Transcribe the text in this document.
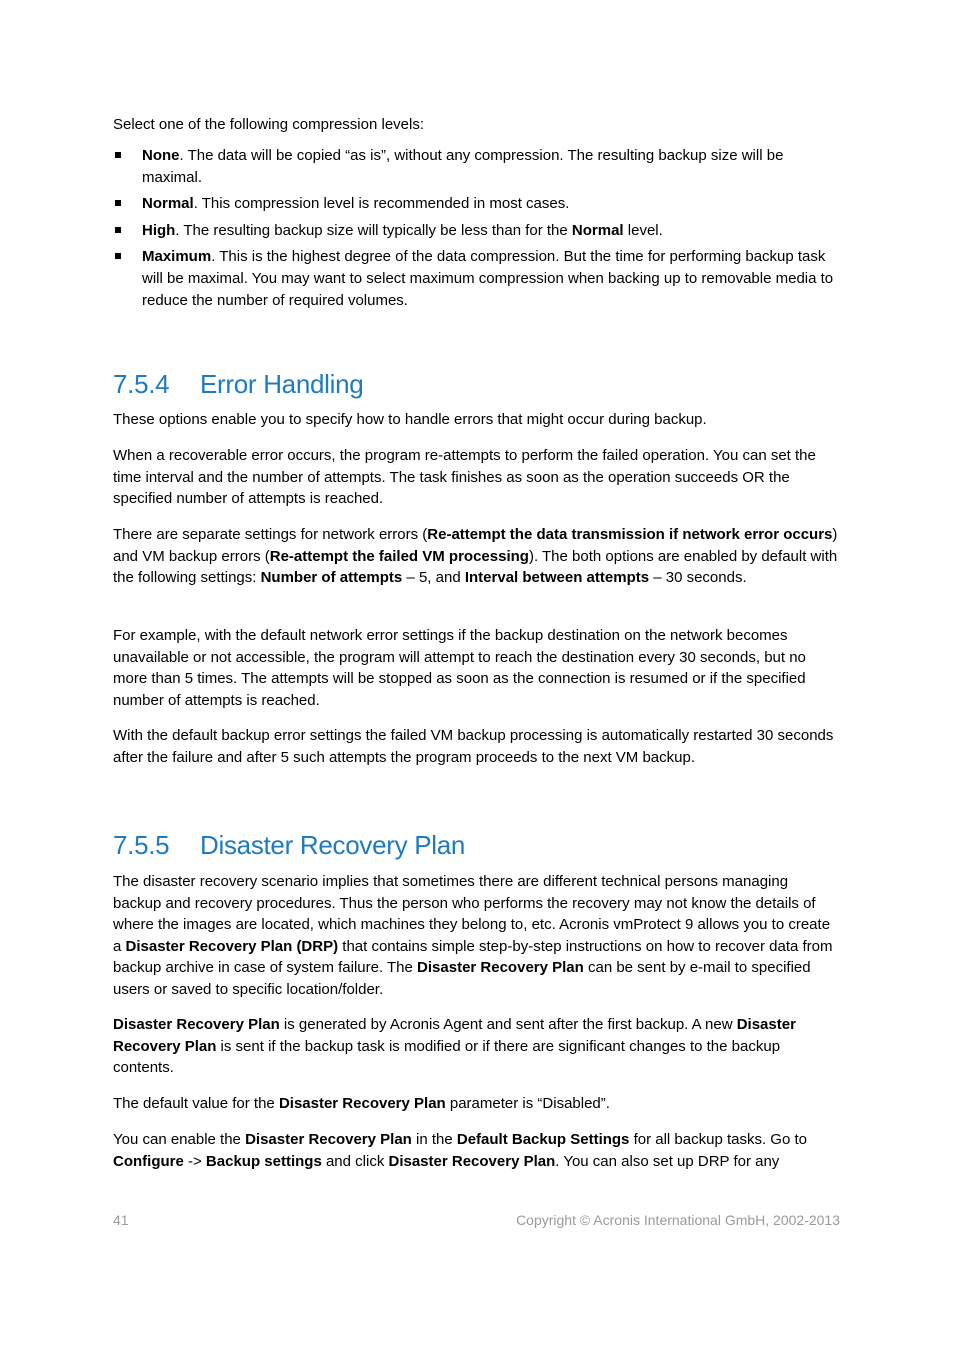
Select one of the following compression levels:

None. The data will be copied “as is”, without any compression. The resulting backup size will be maximal.
Normal. This compression level is recommended in most cases.
High. The resulting backup size will typically be less than for the Normal level.
Maximum. This is the highest degree of the data compression. But the time for performing backup task will be maximal. You may want to select maximum compression when backing up to removable media to reduce the number of required volumes.
7.5.4 Error Handling

These options enable you to specify how to handle errors that might occur during backup.

When a recoverable error occurs, the program re-attempts to perform the failed operation. You can set the time interval and the number of attempts. The task finishes as soon as the operation succeeds OR the specified number of attempts is reached.

There are separate settings for network errors (Re-attempt the data transmission if network error occurs) and VM backup errors (Re-attempt the failed VM processing). The both options are enabled by default with the following settings: Number of attempts – 5, and Interval between attempts – 30 seconds.

For example, with the default network error settings if the backup destination on the network becomes unavailable or not accessible, the program will attempt to reach the destination every 30 seconds, but no more than 5 times. The attempts will be stopped as soon as the connection is resumed or if the specified number of attempts is reached.

With the default backup error settings the failed VM backup processing is automatically restarted 30 seconds after the failure and after 5 such attempts the program proceeds to the next VM backup.

7.5.5 Disaster Recovery Plan

The disaster recovery scenario implies that sometimes there are different technical persons managing backup and recovery procedures. Thus the person who performs the recovery may not know the details of where the images are located, which machines they belong to, etc. Acronis vmProtect 9 allows you to create a Disaster Recovery Plan (DRP) that contains simple step-by-step instructions on how to recover data from backup archive in case of system failure. The Disaster Recovery Plan can be sent by e-mail to specified users or saved to specific location/folder.

Disaster Recovery Plan is generated by Acronis Agent and sent after the first backup. A new Disaster Recovery Plan is sent if the backup task is modified or if there are significant changes to the backup contents.

The default value for the Disaster Recovery Plan parameter is “Disabled”.

You can enable the Disaster Recovery Plan in the Default Backup Settings for all backup tasks. Go to Configure -> Backup settings and click Disaster Recovery Plan. You can also set up DRP for any

41	Copyright © Acronis International GmbH, 2002-2013
